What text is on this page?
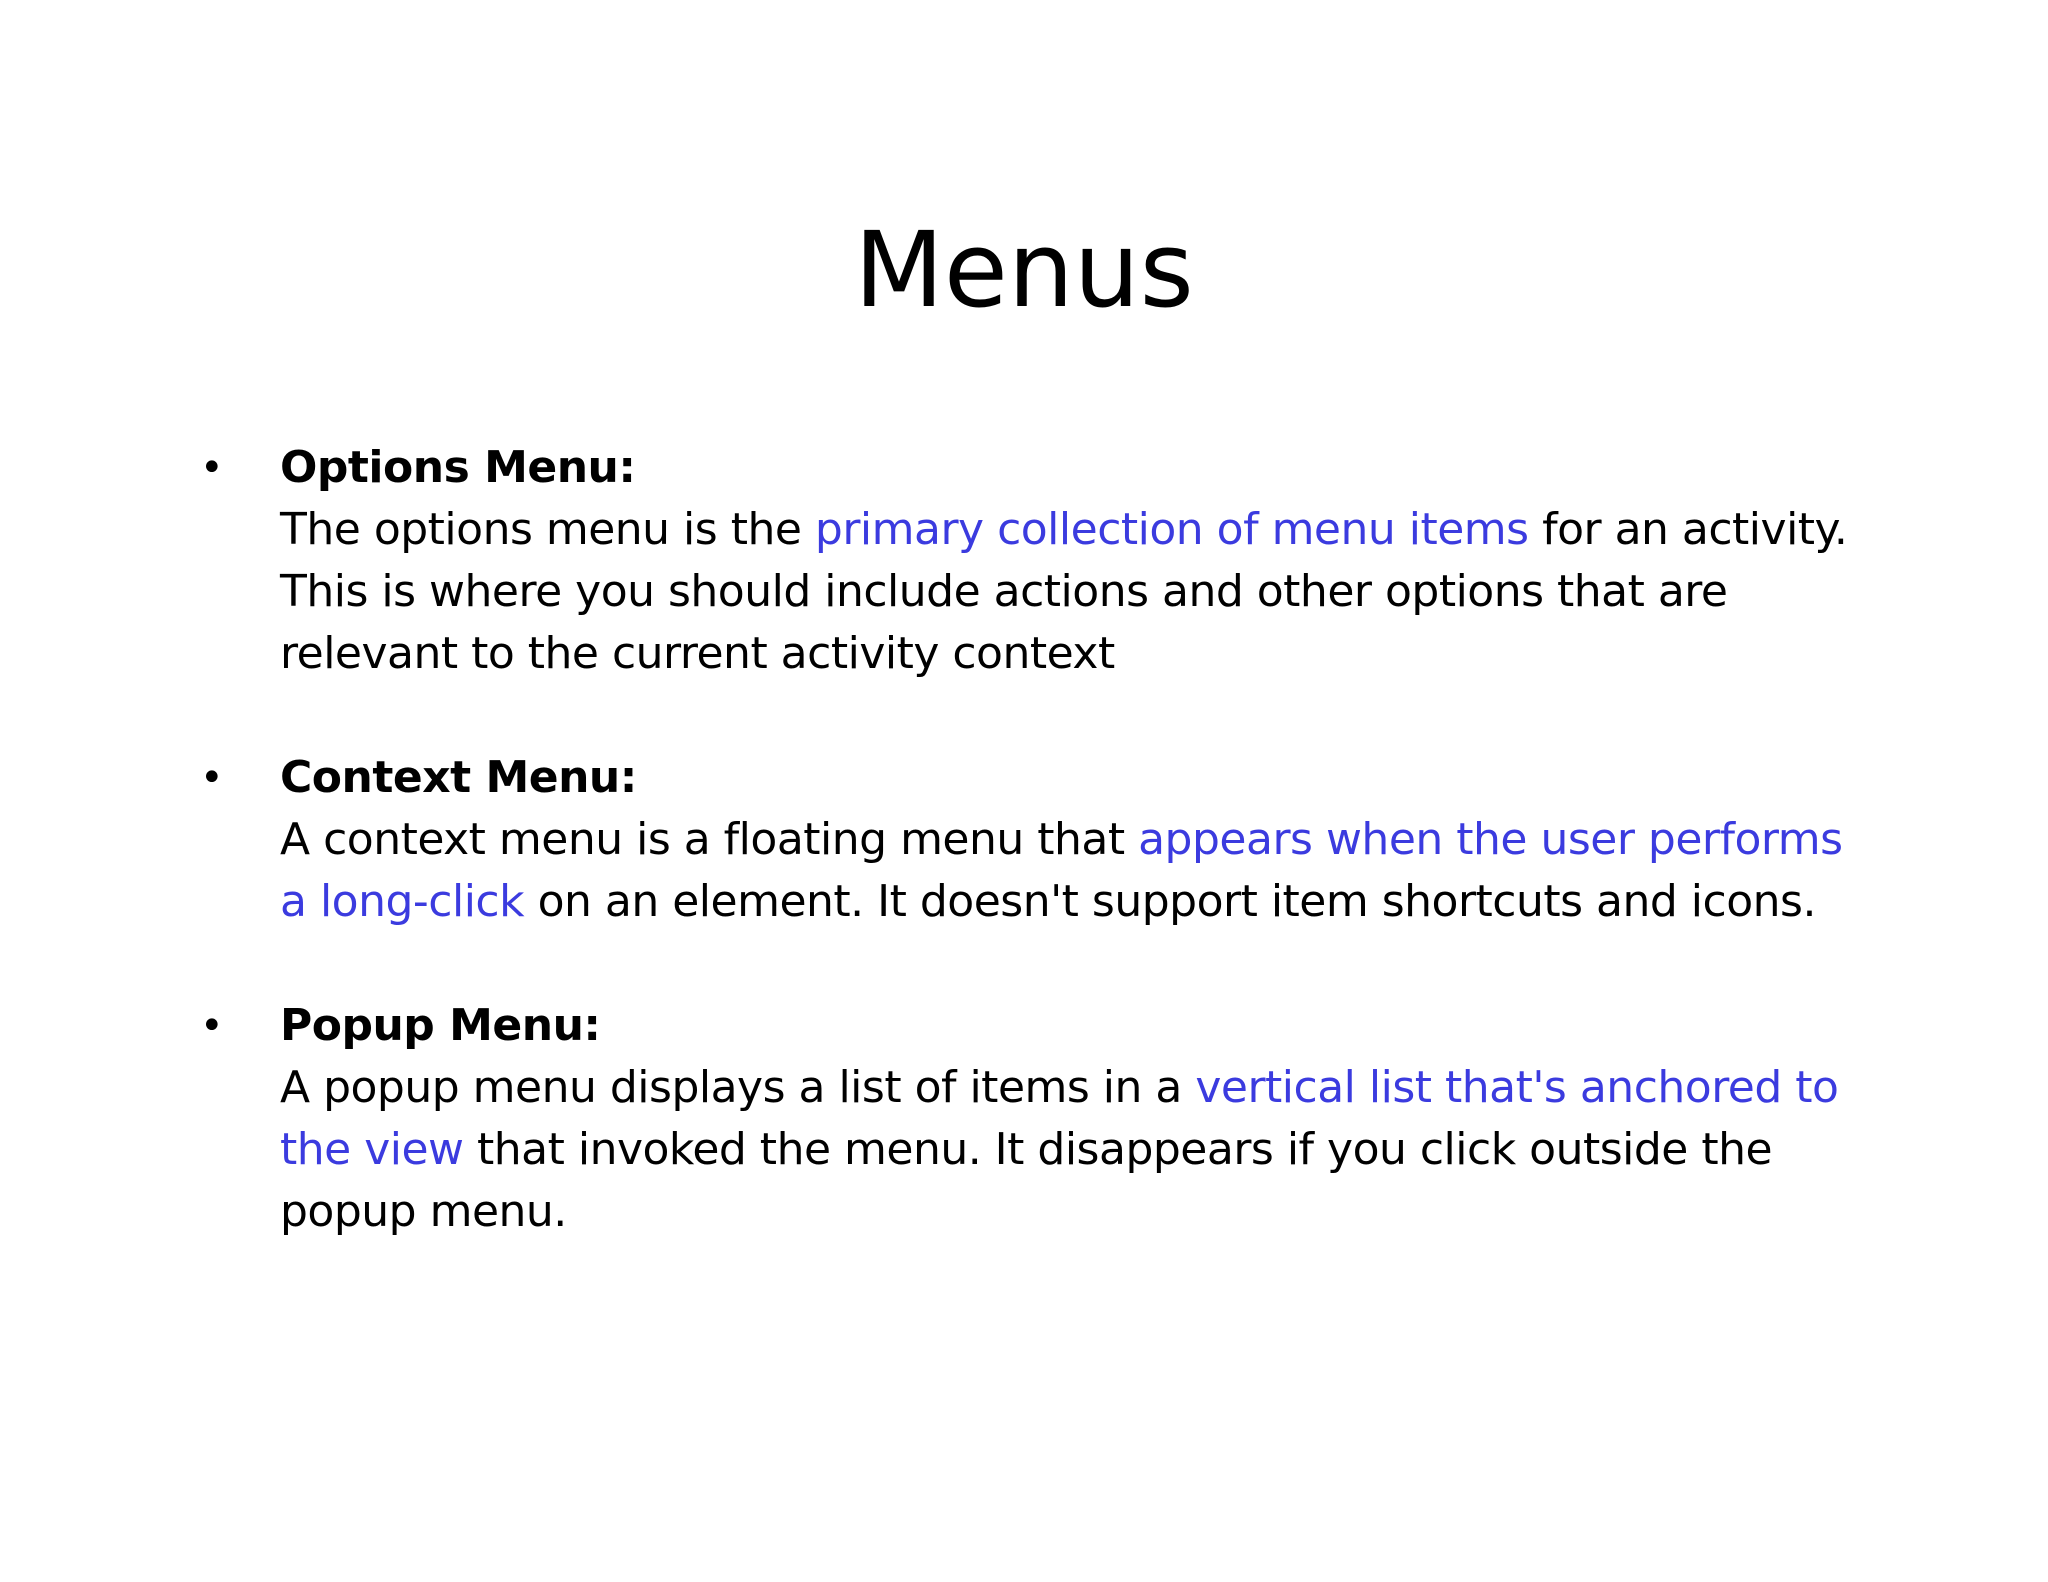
Menus
• Options Menu:
The options menu is the primary collection of menu items for an activity. This is where you should include actions and other options that are relevant to the current activity context
• Context Menu:
A context menu is a floating menu that appears when the user performs a long-click on an element. It doesn't support item shortcuts and icons.
• Popup Menu:
A popup menu displays a list of items in a vertical list that's anchored to the view that invoked the menu. It disappears if you click outside the popup menu.
